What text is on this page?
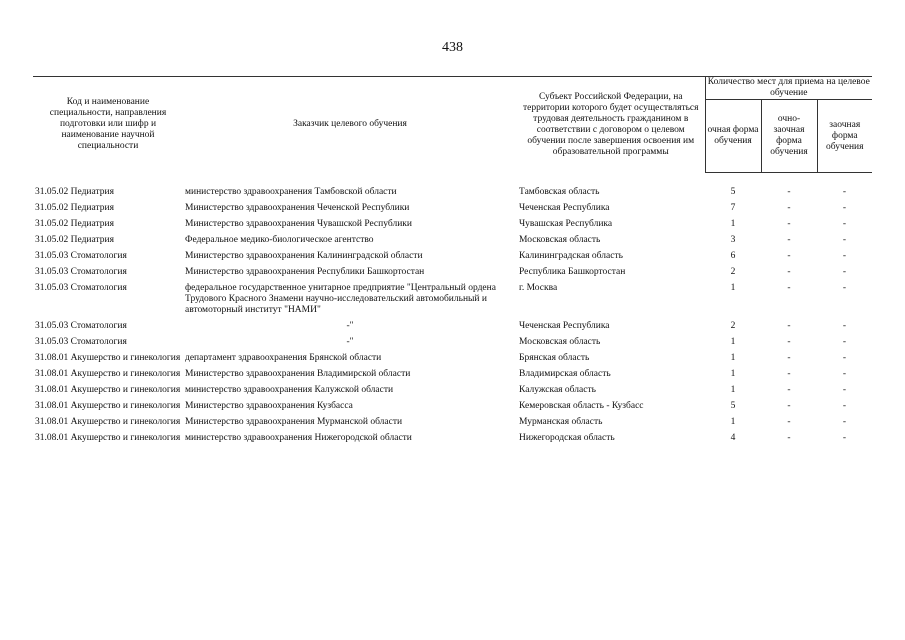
438
Код и наименование специальности, направления подготовки или шифр и наименование научной специальности	Заказчик целевого обучения	Субъект Российской Федерации, на территории которого будет осуществляться трудовая деятельность гражданином в соответствии с договором о целевом обучении после завершения освоения им образовательной программы	Количество мест для приема на целевое обучение		
			очная форма обучения	очно-заочная форма обучения	заочная форма обучения

31.05.02 Педиатрия	министерство здравоохранения Тамбовской области	Тамбовская область	5	-	-
31.05.02 Педиатрия	Министерство здравоохранения Чеченской Республики	Чеченская Республика	7	-	-
31.05.02 Педиатрия	Министерство здравоохранения Чувашской Республики	Чувашская Республика	1	-	-
31.05.02 Педиатрия	Федеральное медико-биологическое агентство	Московская область	3	-	-
31.05.03 Стоматология	Министерство здравоохранения Калининградской области	Калининградская область	6	-	-
31.05.03 Стоматология	Министерство здравоохранения Республики Башкортостан	Республика Башкортостан	2	-	-
31.05.03 Стоматология	федеральное государственное унитарное предприятие "Центральный ордена Трудового Красного Знамени научно-исследовательский автомобильный и автомоторный институт "НАМИ"	г. Москва	1	-	-
31.05.03 Стоматология	-"	Чеченская Республика	2	-	-
31.05.03 Стоматология	-"	Московская область	1	-	-
31.08.01 Акушерство и гинекология	департамент здравоохранения Брянской области	Брянская область	1	-	-
31.08.01 Акушерство и гинекология	Министерство здравоохранения Владимирской области	Владимирская область	1	-	-
31.08.01 Акушерство и гинекология	министерство здравоохранения Калужской области	Калужская область	1	-	-
31.08.01 Акушерство и гинекология	Министерство здравоохранения Кузбасса	Кемеровская область - Кузбасс	5	-	-
31.08.01 Акушерство и гинекология	Министерство здравоохранения Мурманской области	Мурманская область	1	-	-
31.08.01 Акушерство и гинекология	министерство здравоохранения Нижегородской области	Нижегородская область	4	-	-
